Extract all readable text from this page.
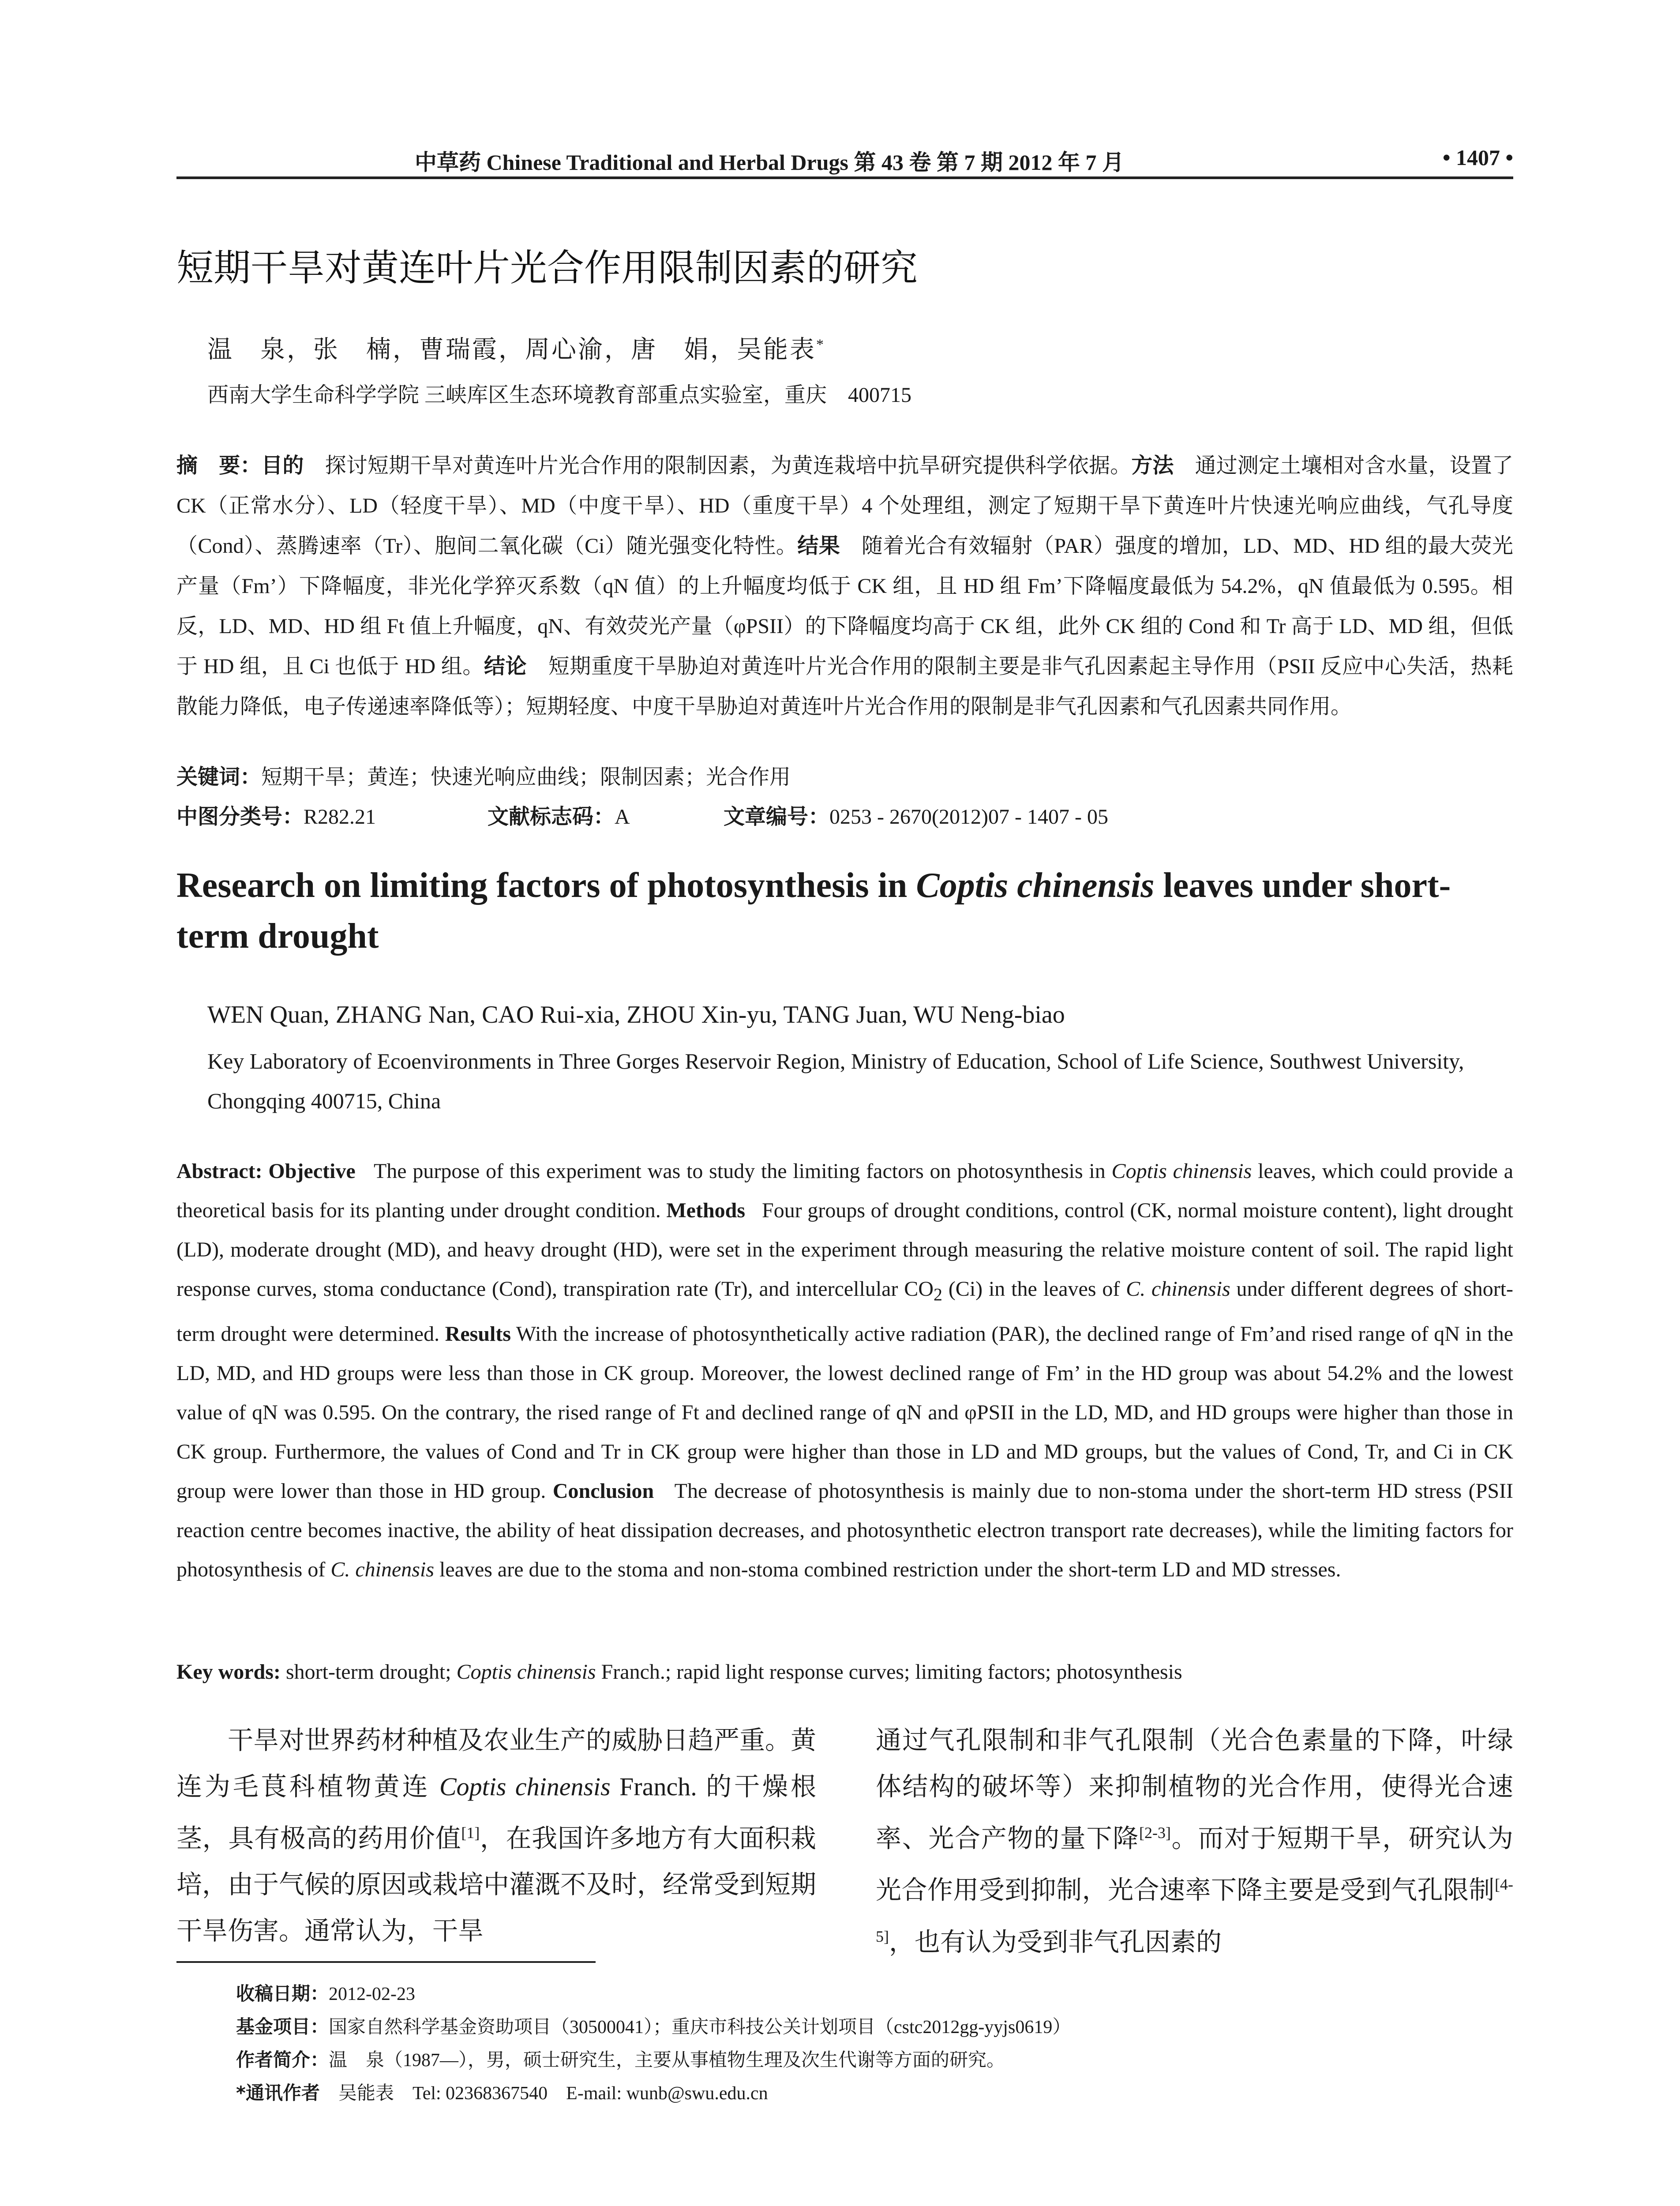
中草药 Chinese Traditional and Herbal Drugs 第 43 卷 第 7 期 2012 年 7 月	• 1407 •
短期干旱对黄连叶片光合作用限制因素的研究
温　泉，张　楠，曹瑞霞，周心渝，唐　娟，吴能表*
西南大学生命科学学院 三峡库区生态环境教育部重点实验室，重庆　400715
摘　要：目的　 探讨短期干旱对黄连叶片光合作用的限制因素，为黄连栽培中抗旱研究提供科学依据。方法　 通过测定土壤相对含水量，设置了 CK（正常水分）、LD（轻度干旱）、MD（中度干旱）、HD（重度干旱）4 个处理组，测定了短期干旱下黄连叶片快速光响应曲线，气孔导度（Cond）、蒸腾速率（Tr）、胞间二氧化碳（Ci）随光强变化特性。结果　 随着光合有效辐射（PAR）强度的增加，LD、MD、HD 组的最大荧光产量（Fm’）下降幅度，非光化学猝灭系数（qN 值）的上升幅度均低于 CK 组，且 HD 组 Fm’下降幅度最低为 54.2%，qN 值最低为 0.595。相反，LD、MD、HD 组 Ft 值上升幅度，qN、有效荧光产量（φPSII）的下降幅度均高于 CK 组，此外 CK 组的 Cond 和 Tr 高于 LD、MD 组，但低于 HD 组，且 Ci 也低于 HD 组。结论　 短期重度干旱胁迫对黄连叶片光合作用的限制主要是非气孔因素起主导作用（PSII 反应中心失活，热耗散能力降低，电子传递速率降低等）；短期轻度、中度干旱胁迫对黄连叶片光合作用的限制是非气孔因素和气孔因素共同作用。
关键词：短期干旱；黄连；快速光响应曲线；限制因素；光合作用
中图分类号：R282.21	文献标志码：A	文章编号：0253 - 2670(2012)07 - 1407 - 05
Research on limiting factors of photosynthesis in Coptis chinensis leaves under short-term drought
WEN Quan, ZHANG Nan, CAO Rui-xia, ZHOU Xin-yu, TANG Juan, WU Neng-biao
Key Laboratory of Ecoenvironments in Three Gorges Reservoir Region, Ministry of Education, School of Life Science, Southwest University, Chongqing 400715, China
Abstract: Objective The purpose of this experiment was to study the limiting factors on photosynthesis in Coptis chinensis leaves, which could provide a theoretical basis for its planting under drought condition. Methods Four groups of drought conditions, control (CK, normal moisture content), light drought (LD), moderate drought (MD), and heavy drought (HD), were set in the experiment through measuring the relative moisture content of soil. The rapid light response curves, stoma conductance (Cond), transpiration rate (Tr), and intercellular $CO_2$ (Ci) in the leaves of C. chinensis under different degrees of short-term drought were determined. Results With the increase of photosynthetically active radiation (PAR), the declined range of Fm’and rised range of qN in the LD, MD, and HD groups were less than those in CK group. Moreover, the lowest declined range of Fm’ in the HD group was about 54.2% and the lowest value of qN was 0.595. On the contrary, the rised range of Ft and declined range of qN and φPSII in the LD, MD, and HD groups were higher than those in CK group. Furthermore, the values of Cond and Tr in CK group were higher than those in LD and MD groups, but the values of Cond, Tr, and Ci in CK group were lower than those in HD group. Conclusion The decrease of photosynthesis is mainly due to non-stoma under the short-term HD stress (PSII reaction centre becomes inactive, the ability of heat dissipation decreases, and photosynthetic electron transport rate decreases), while the limiting factors for photosynthesis of C. chinensis leaves are due to the stoma and non-stoma combined restriction under the short-term LD and MD stresses.
Key words: short-term drought; Coptis chinensis Franch.; rapid light response curves; limiting factors; photosynthesis
干旱对世界药材种植及农业生产的威胁日趋严重。黄连为毛茛科植物黄连 Coptis chinensis Franch. 的干燥根茎，具有极高的药用价值[1]，在我国许多地方有大面积栽培，由于气候的原因或栽培中灌溉不及时，经常受到短期干旱伤害。通常认为，干旱
通过气孔限制和非气孔限制（光合色素量的下降，叶绿体结构的破坏等）来抑制植物的光合作用，使得光合速率、光合产物的量下降[2-3]。而对于短期干旱，研究认为光合作用受到抑制，光合速率下降主要是受到气孔限制[4-5]，也有认为受到非气孔因素的
收稿日期：2012-02-23
基金项目：国家自然科学基金资助项目（30500041）；重庆市科技公关计划项目（cstc2012gg-yyjs0619）
作者简介：温　泉（1987—），男，硕士研究生，主要从事植物生理及次生代谢等方面的研究。
*通讯作者　 吴能表　Tel: 02368367540　E-mail: wunb@swu.edu.cn
